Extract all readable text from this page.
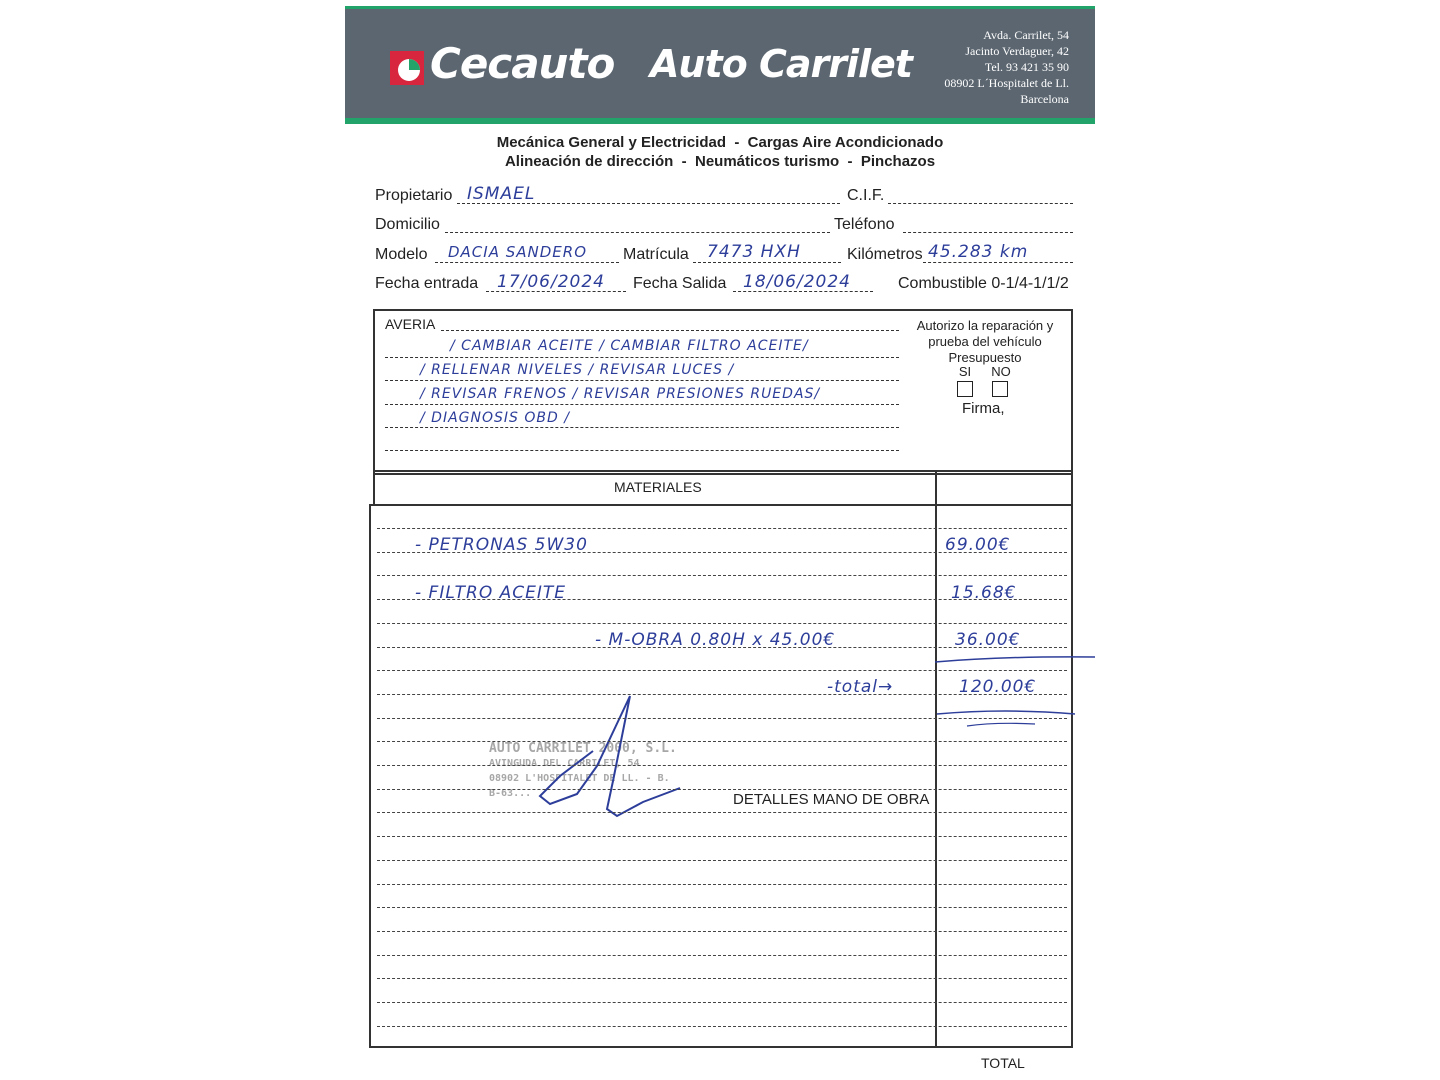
Cecauto Auto Carrilet
Avda. Carrilet, 54
Jacinto Verdaguer, 42
Tel. 93 421 35 90
08902 L´Hospitalet de Ll.
Barcelona
Mecánica General y Electricidad  -  Cargas Aire Acondicionado
Alineación de dirección  -  Neumáticos turismo  -  Pinchazos
Propietario ISMAEL	C.I.F.
Domicilio	Teléfono
Modelo DACIA SANDERO Matrícula 7473 HXH	Kilómetros 45.283 km
Fecha entrada 17/06/2024 Fecha Salida 18/06/2024	Combustible 0-1/4-1/1/2
AVERIA
/ CAMBIAR ACEITE / CAMBIAR FILTRO ACEITE/
/ RELLENAR NIVELES / REVISAR LUCES /
/ REVISAR FRENOS / REVISAR PRESIONES RUEDAS/
/ DIAGNOSIS OBD /
Autorizo la reparación y
prueba del vehículo
Presupuesto
SI NO
Firma,
MATERIALES
- PETRONAS 5W30	69.00€
- FILTRO ACEITE	15.68€
- M-OBRA 0.80H x 45.00€	36.00€
-total→	120.00€
AUTO CARRILET 2000, S.L.
AVINGUDA DEL CARRILET, 54
08902 L'HOSPITALET DE LL. - B.
B-63...	DETALLES MANO DE OBRA
TOTAL
